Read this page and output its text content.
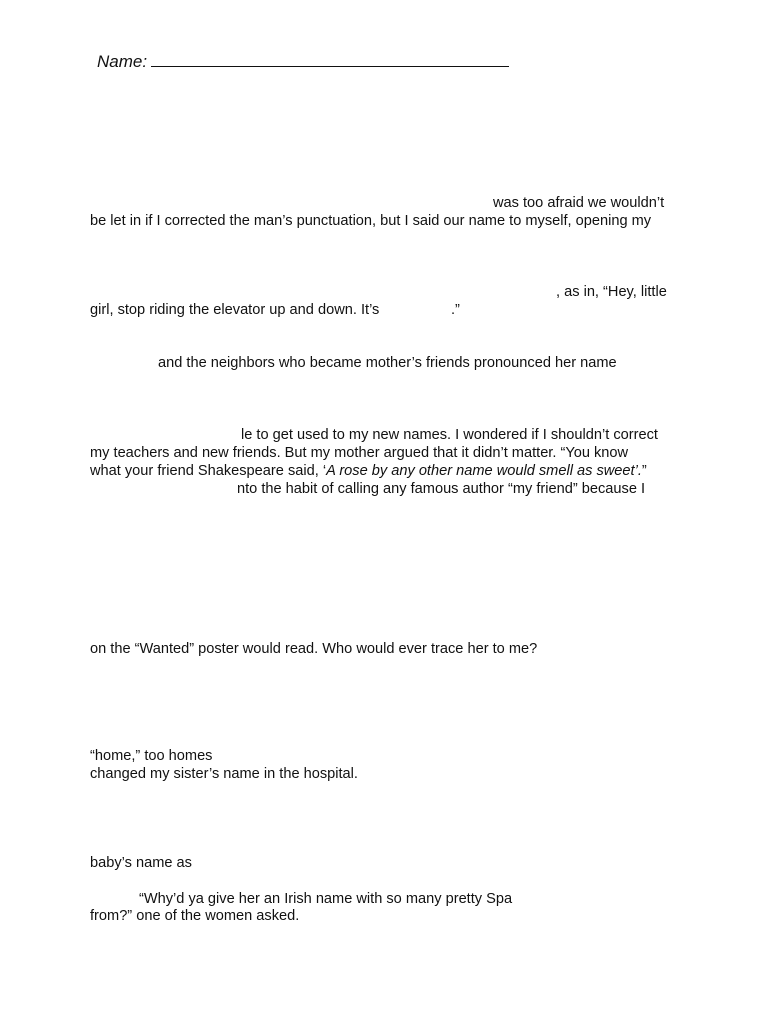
Name:
was too afraid we wouldn’t
be let in if I corrected the man’s punctuation, but I said our name to myself, opening my
, as in, “Hey, little
girl, stop riding the elevator up and down. It’s	.”
and the neighbors who became mother’s friends pronounced her name
le to get used to my new names. I wondered if I shouldn’t correct
my teachers and new friends. But my mother argued that it didn’t matter. “You know
what your friend Shakespeare said, ‘A rose by any other name would smell as sweet’.”
nto the habit of calling any famous author “my friend” because I
on the “Wanted” poster would read. Who would ever trace her to me?
“home,” too homes
changed my sister’s name in the hospital.
baby’s name as
“Why’d ya give her an Irish name with so many pretty Spa
from?” one of the women asked.
